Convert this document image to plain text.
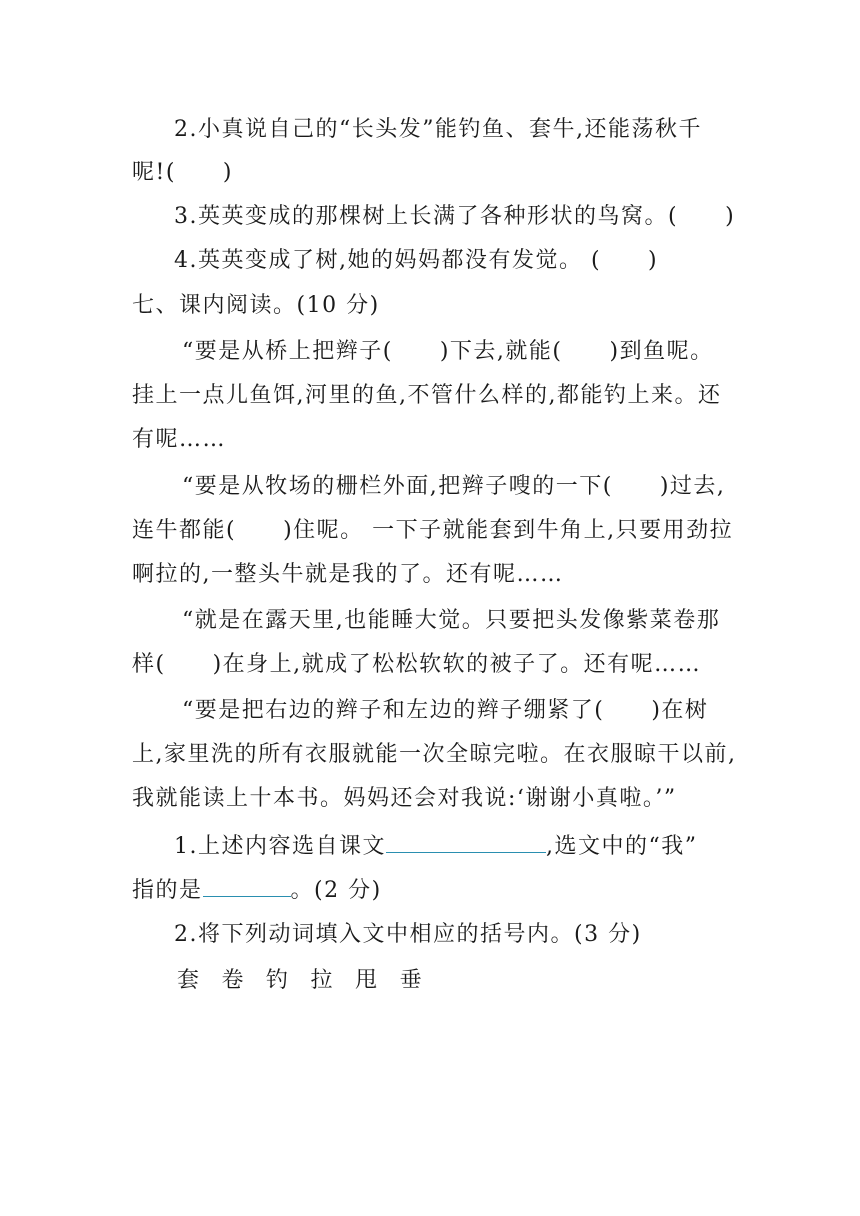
2.小真说自己的“长头发”能钓鱼、套牛,还能荡秋千
呢!(　　)
3.英英变成的那棵树上长满了各种形状的鸟窝。(　　)
4.英英变成了树,她的妈妈都没有发觉。 (　　)
七、课内阅读。(10 分)
“要是从桥上把辫子(　　)下去,就能(　　)到鱼呢。
挂上一点儿鱼饵,河里的鱼,不管什么样的,都能钓上来。还
有呢……
“要是从牧场的栅栏外面,把辫子嗖的一下(　　)过去,
连牛都能(　　)住呢。 一下子就能套到牛角上,只要用劲拉
啊拉的,一整头牛就是我的了。还有呢……
“就是在露天里,也能睡大觉。只要把头发像紫菜卷那
样(　　)在身上,就成了松松软软的被子了。还有呢……
“要是把右边的辫子和左边的辫子绷紧了(　　)在树
上,家里洗的所有衣服就能一次全晾完啦。在衣服晾干以前,
我就能读上十本书。妈妈还会对我说:‘谢谢小真啦。’”
1.上述内容选自课文	,选文中的“我”
指的是	。(2 分)
2.将下列动词填入文中相应的括号内。(3 分)
套 卷 钓 拉 甩 垂
